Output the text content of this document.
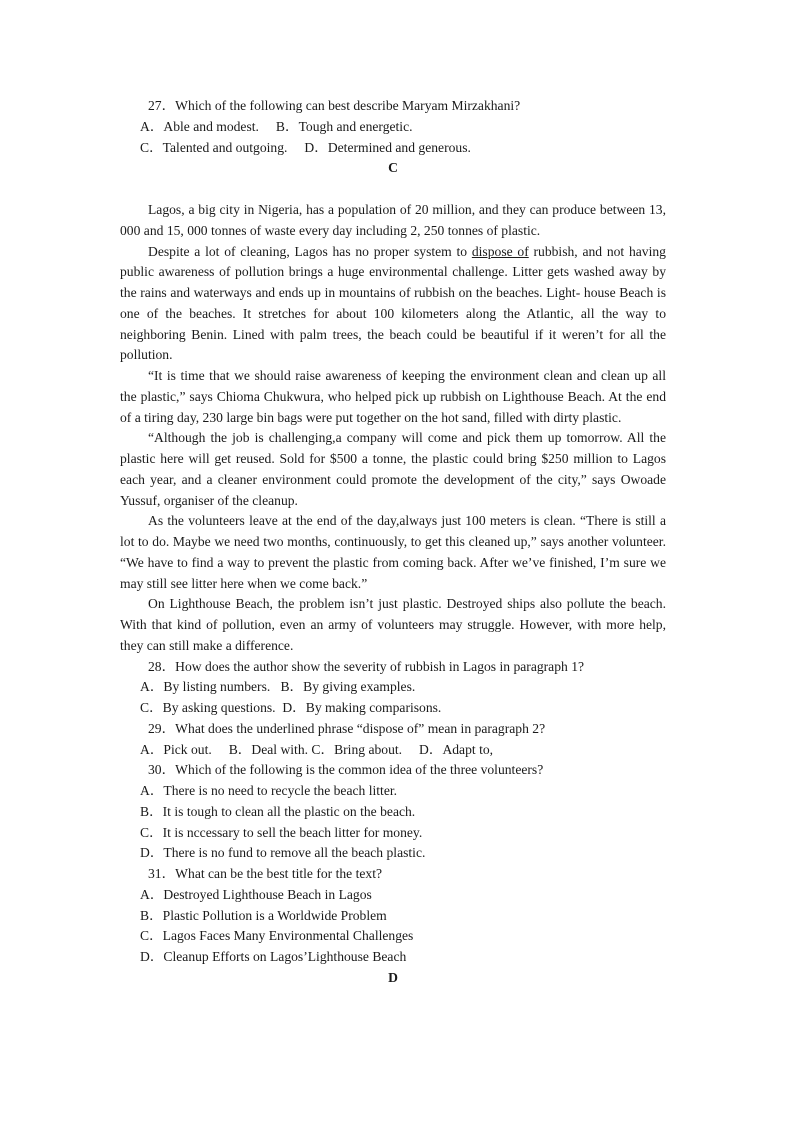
27．Which of the following can best describe Maryam Mirzakhani?

A．Able and modest.     B．Tough and energetic.

C．Talented and outgoing.     D．Determined and generous.

C

Lagos, a big city in Nigeria, has a population of 20 million, and they can produce between 13, 000 and 15, 000 tonnes of waste every day including 2, 250 tonnes of plastic.

Despite a lot of cleaning, Lagos has no proper system to dispose of rubbish, and not having public awareness of pollution brings a huge environmental challenge. Litter gets washed away by the rains and waterways and ends up in mountains of rubbish on the beaches. Light- house Beach is one of the beaches. It stretches for about 100 kilometers along the Atlantic, all the way to neighboring Benin. Lined with palm trees, the beach could be beautiful if it weren’t for all the pollution.

“It is time that we should raise awareness of keeping the environment clean and clean up all the plastic,” says Chioma Chukwura, who helped pick up rubbish on Lighthouse Beach. At the end of a tiring day, 230 large bin bags were put together on the hot sand, filled with dirty plastic.

“Although the job is challenging,a company will come and pick them up tomorrow. All the plastic here will get reused. Sold for $500 a tonne, the plastic could bring $250 million to Lagos each year, and a cleaner environment could promote the development of the city,” says Owoade Yussuf, organiser of the cleanup.

As the volunteers leave at the end of the day,always just 100 meters is clean. “There is still a lot to do. Maybe we need two months, continuously, to get this cleaned up,” says another volunteer. “We have to find a way to prevent the plastic from coming back. After we’ve finished, I’m sure we may still see litter here when we come back.”

On Lighthouse Beach, the problem isn’t just plastic. Destroyed ships also pollute the beach. With that kind of pollution, even an army of volunteers may struggle. However, with more help, they can still make a difference.

28．How does the author show the severity of rubbish in Lagos in paragraph 1?

A．By listing numbers.   B．By giving examples.

C．By asking questions.  D．By making comparisons.

29．What does the underlined phrase “dispose of” mean in paragraph 2?

A．Pick out.     B．Deal with. C．Bring about.     D．Adapt to,

30．Which of the following is the common idea of the three volunteers?

A．There is no need to recycle the beach litter.

B．It is tough to clean all the plastic on the beach.

C．It is nccessary to sell the beach litter for money.

D．There is no fund to remove all the beach plastic.

31．What can be the best title for the text?

A．Destroyed Lighthouse Beach in Lagos

B．Plastic Pollution is a Worldwide Problem

C．Lagos Faces Many Environmental Challenges

D．Cleanup Efforts on Lagos’Lighthouse Beach

D
